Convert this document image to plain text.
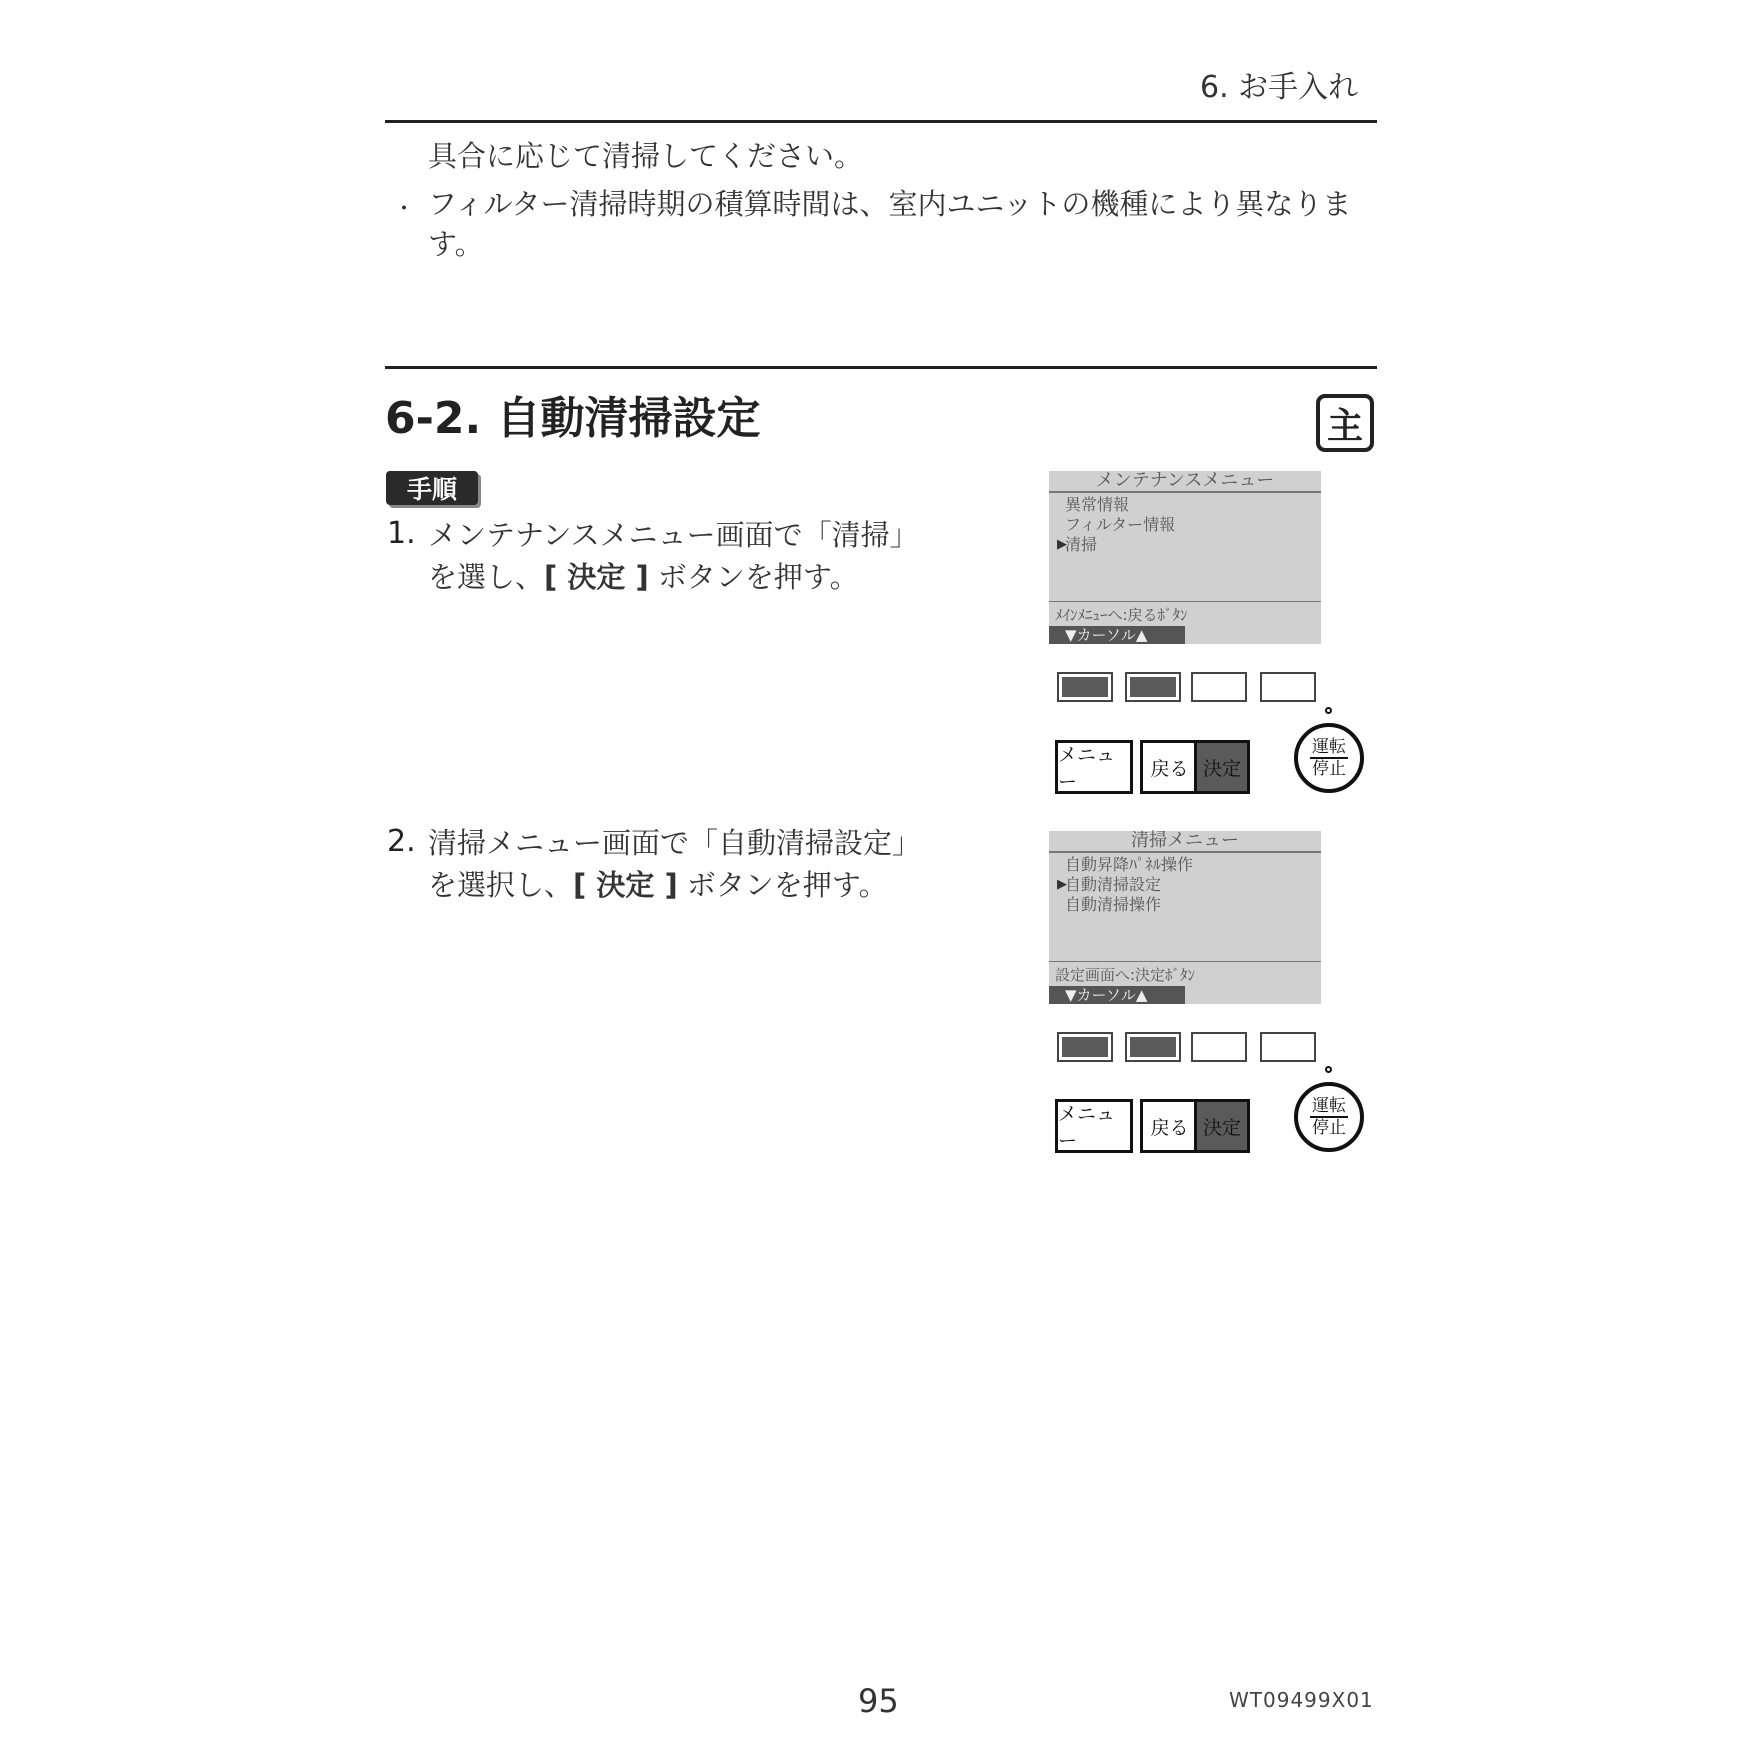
6. お手入れ
具合に応じて清掃してください。
・ フィルター清掃時期の積算時間は、室内ユニットの機種により異なりま
す。
6-2. 自動清掃設定	主
手順
1. メンテナンスメニュー画面で「清掃」
を選し、[ 決定 ] ボタンを押す。
メンテナンスメニュー
異常情報
フィルター情報
▶
清掃
ﾒｲﾝﾒﾆｭｰへ:戻るﾎﾞﾀﾝ
▼カーソル▲
メニュー
戻る 決定
運転
停止
2. 清掃メニュー画面で「自動清掃設定」
を選択し、[ 決定 ] ボタンを押す。
清掃メニュー
自動昇降ﾊﾟﾈﾙ操作
▶
自動清掃設定
自動清掃操作
設定画面へ:決定ﾎﾞﾀﾝ
▼カーソル▲
メニュー
戻る 決定
運転
停止
95	WT09499X01
